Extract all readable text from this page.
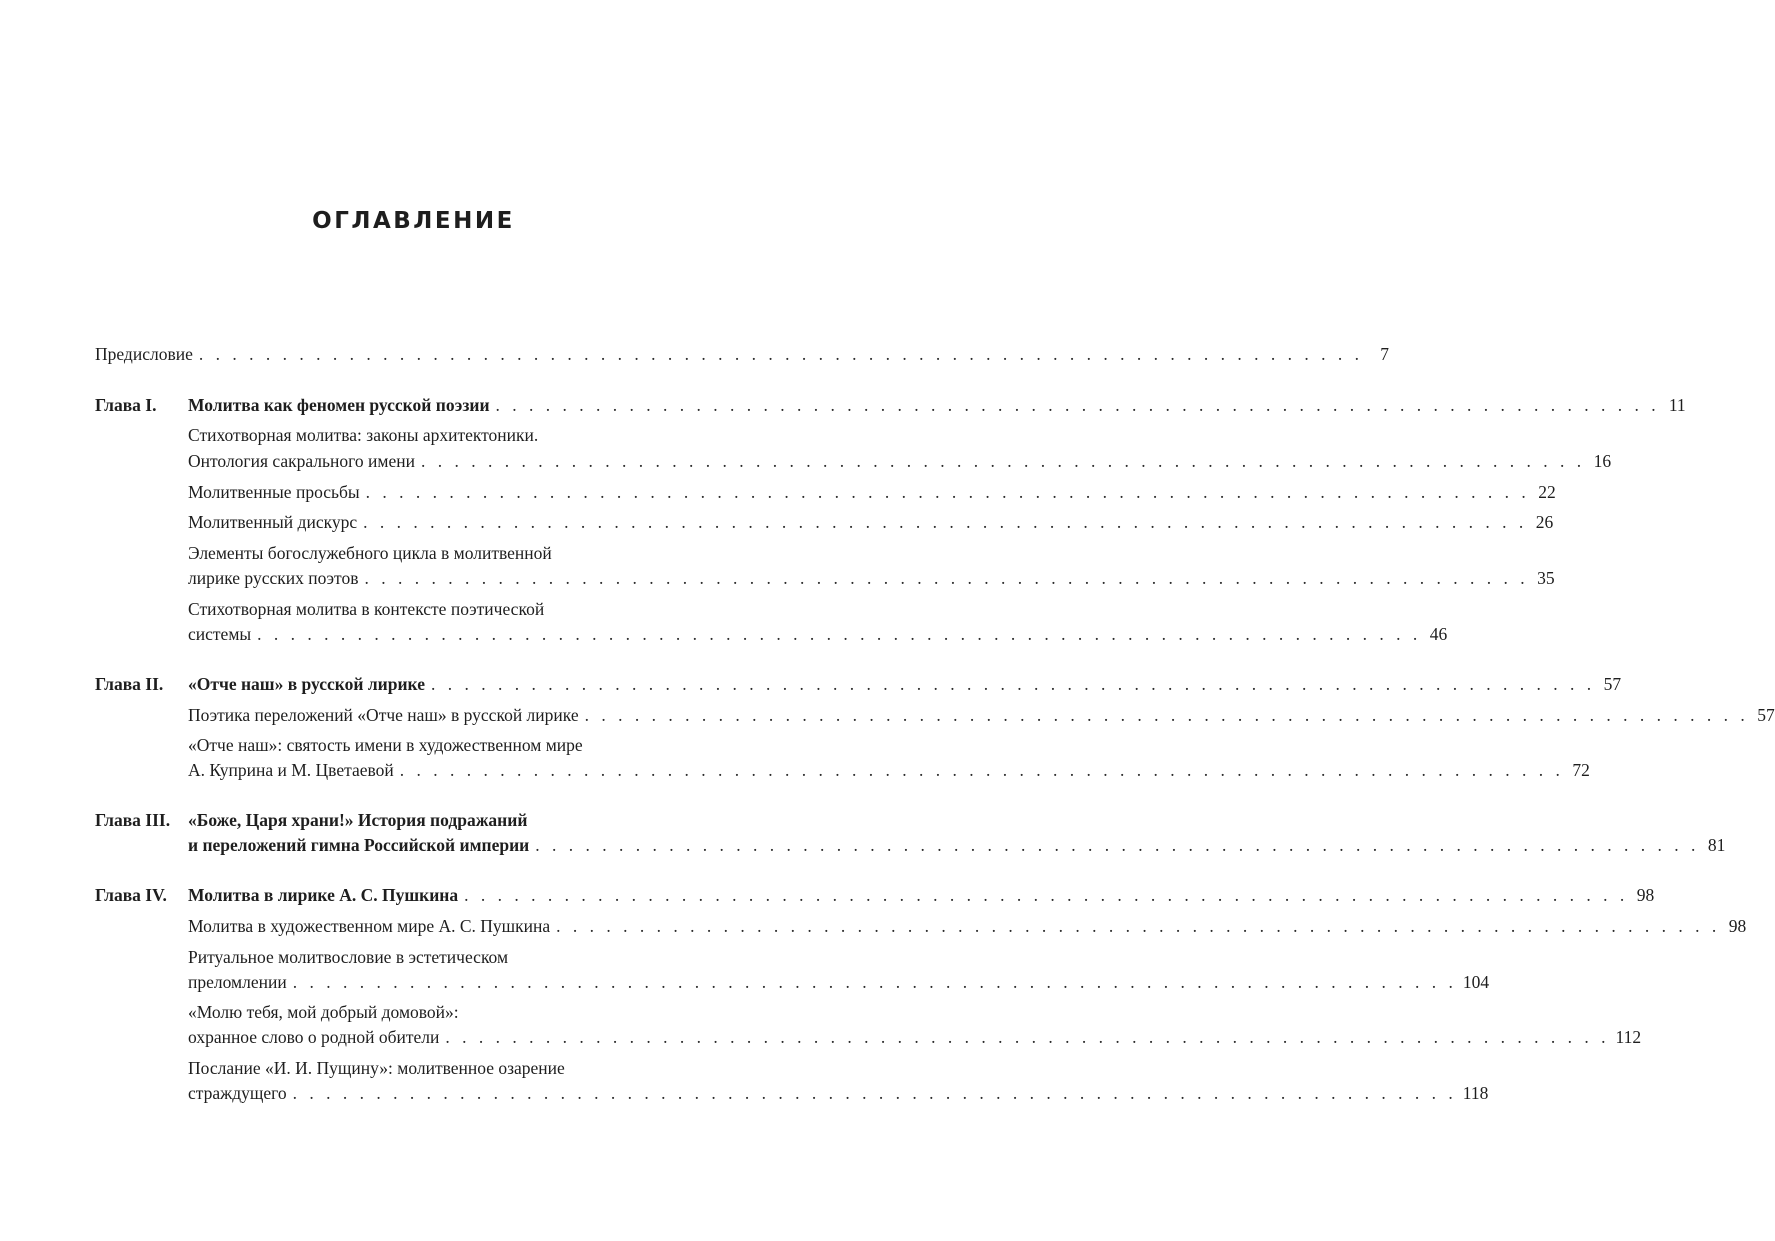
ОГЛАВЛЕНИЕ
Предисловие . . . . . . . . . . . . . . . . . . . . . . . . . . . . . . . . . . . . . . . . . . . . . . . . . . . . . . . . . . . . . . . . . . . . . . 7
Глава I. Молитва как феномен русской поэзии . . . . . . . . . . . . . . . . . . . . . . . . . . . . . . . . . . . . . . . . . . . . . . . . . . . . . . . . . . . . . . . . . . . . . . 11
Стихотворная молитва: законы архитектоники.
Онтология сакрального имени . . . . . . . . . . . . . . . . . . . . . . . . . . . . . . . . . . . . . . . . . . . . . . . . . . . . . . . . . . . . . . . . . . . . . . 16
Молитвенные просьбы . . . . . . . . . . . . . . . . . . . . . . . . . . . . . . . . . . . . . . . . . . . . . . . . . . . . . . . . . . . . . . . . . . . . . . 22
Молитвенный дискурс . . . . . . . . . . . . . . . . . . . . . . . . . . . . . . . . . . . . . . . . . . . . . . . . . . . . . . . . . . . . . . . . . . . . . . 26
Элементы богослужебного цикла в молитвенной
лирике русских поэтов . . . . . . . . . . . . . . . . . . . . . . . . . . . . . . . . . . . . . . . . . . . . . . . . . . . . . . . . . . . . . . . . . . . . . . 35
Стихотворная молитва в контексте поэтической
системы . . . . . . . . . . . . . . . . . . . . . . . . . . . . . . . . . . . . . . . . . . . . . . . . . . . . . . . . . . . . . . . . . . . . . . 46
Глава II. «Отче наш» в русской лирике . . . . . . . . . . . . . . . . . . . . . . . . . . . . . . . . . . . . . . . . . . . . . . . . . . . . . . . . . . . . . . . . . . . . . . 57
Поэтика переложений «Отче наш» в русской лирике . . . . . . . . . . . . . . . . . . . . . . . . . . . . . . . . . . . . . . . . . . . . . . . . . . . . . . . . . . . . . . . . . . . . . . 57
«Отче наш»: святость имени в художественном мире
А. Куприна и М. Цветаевой . . . . . . . . . . . . . . . . . . . . . . . . . . . . . . . . . . . . . . . . . . . . . . . . . . . . . . . . . . . . . . . . . . . . . . 72
Глава III. «Боже, Царя храни!» История подражаний
и переложений гимна Российской империи . . . . . . . . . . . . . . . . . . . . . . . . . . . . . . . . . . . . . . . . . . . . . . . . . . . . . . . . . . . . . . . . . . . . . . 81
Глава IV. Молитва в лирике А. С. Пушкина . . . . . . . . . . . . . . . . . . . . . . . . . . . . . . . . . . . . . . . . . . . . . . . . . . . . . . . . . . . . . . . . . . . . . . 98
Молитва в художественном мире А. С. Пушкина . . . . . . . . . . . . . . . . . . . . . . . . . . . . . . . . . . . . . . . . . . . . . . . . . . . . . . . . . . . . . . . . . . . . . . 98
Ритуальное молитвословие в эстетическом
преломлении . . . . . . . . . . . . . . . . . . . . . . . . . . . . . . . . . . . . . . . . . . . . . . . . . . . . . . . . . . . . . . . . . . . . . . 104
«Молю тебя, мой добрый домовой»:
охранное слово о родной обители . . . . . . . . . . . . . . . . . . . . . . . . . . . . . . . . . . . . . . . . . . . . . . . . . . . . . . . . . . . . . . . . . . . . . . 112
Послание «И. И. Пущину»: молитвенное озарение
страждущего . . . . . . . . . . . . . . . . . . . . . . . . . . . . . . . . . . . . . . . . . . . . . . . . . . . . . . . . . . . . . . . . . . . . . . 118
